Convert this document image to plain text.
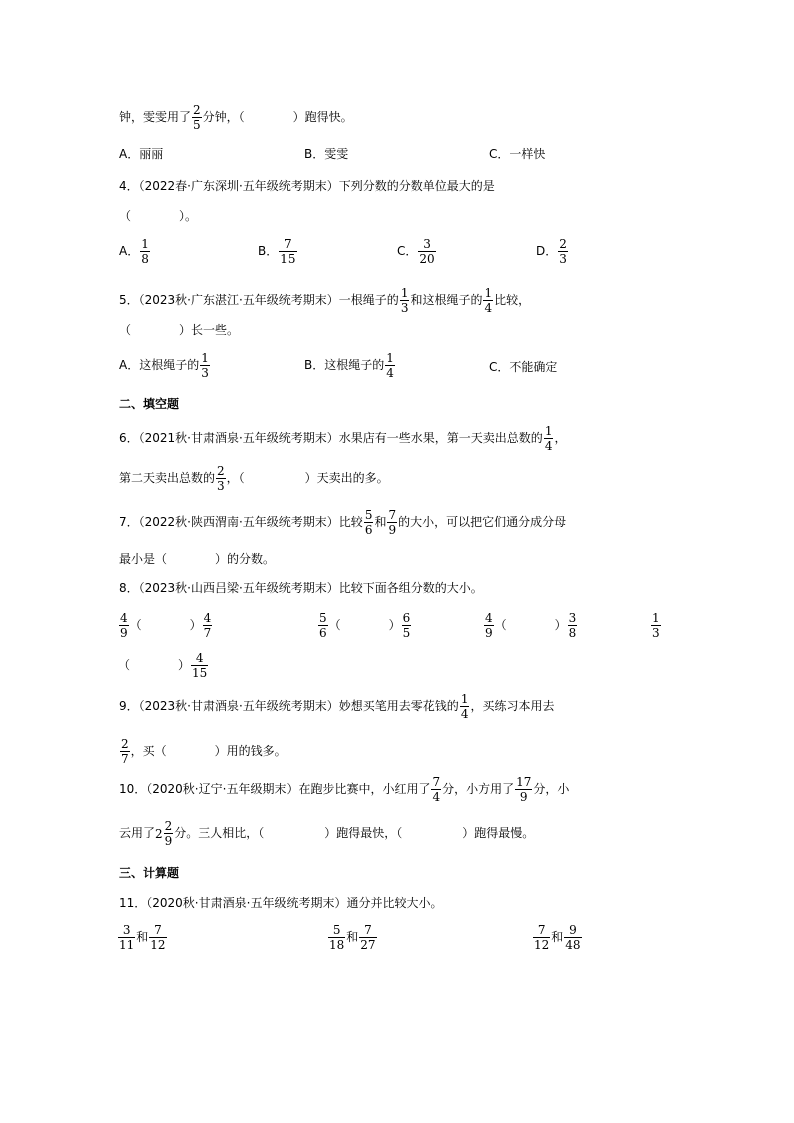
钟，雯雯用了 $\frac{2}{5}$ 分钟，（　　　　）跑得快。
A．丽丽	B．雯雯	C．一样快
4．（2022春·广东深圳·五年级统考期末）下列分数的分数单位最大的是
（　　　　）。
A． $\frac{1}{8}$	B． $\frac{7}{15}$	C． $\frac{3}{20}$	D． $\frac{2}{3}$
5．（2023秋·广东湛江·五年级统考期末）一根绳子的 $\frac{1}{3}$ 和这根绳子的 $\frac{1}{4}$ 比较，
（　　　　）长一些。
A．这根绳子的 $\frac{1}{3}$	B．这根绳子的 $\frac{1}{4}$	C．不能确定
二、填空题
6．（2021秋·甘肃酒泉·五年级统考期末）水果店有一些水果，第一天卖出总数的 $\frac{1}{4}$ ，
第二天卖出总数的 $\frac{2}{3}$ ，（　　　　　）天卖出的多。
7．（2022秋·陕西渭南·五年级统考期末）比较 $\frac{5}{6}$ 和 $\frac{7}{9}$ 的大小，可以把它们通分成分母
最小是（　　　　）的分数。
8．（2023秋·山西吕梁·五年级统考期末）比较下面各组分数的大小。
$\frac{4}{9}$ （　　　　） $\frac{4}{7}$	$\frac{5}{6}$ （　　　　） $\frac{6}{5}$	$\frac{4}{9}$ （　　　　） $\frac{3}{8}$	$\frac{1}{3}$
（　　　　） $\frac{4}{15}$
9．（2023秋·甘肃酒泉·五年级统考期末）妙想买笔用去零花钱的 $\frac{1}{4}$ ，买练习本用去
$\frac{2}{7}$ ，买（　　　　）用的钱多。
10．（2020秋·辽宁·五年级期末）在跑步比赛中，小红用了 $\frac{7}{4}$ 分，小方用了 $\frac{17}{9}$ 分，小
云用了$2 \frac{2}{9}$ 分。三人相比，（　　　　　）跑得最快，（　　　　　）跑得最慢。
三、计算题
11．（2020秋·甘肃酒泉·五年级统考期末）通分并比较大小。
$\frac{3}{11}$ 和 $\frac{7}{12}$	$\frac{5}{18}$ 和 $\frac{7}{27}$	$\frac{7}{12}$ 和 $\frac{9}{48}$
